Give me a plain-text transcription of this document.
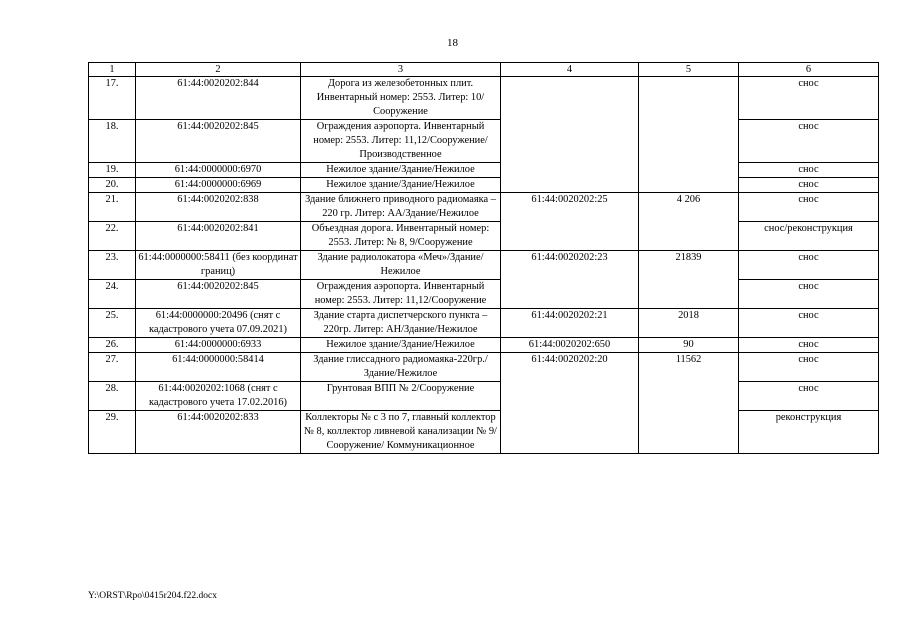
18
1	2	3	4	5	6
17.	61:44:0020202:844	Дорога из железобетонных плит. Инвентарный номер: 2553. Литер: 10/Сооружение			снос
18.	61:44:0020202:845	Ограждения аэропорта. Инвентарный номер: 2553. Литер: 11,12/Сооружение/ Производственное			снос
19.	61:44:0000000:6970	Нежилое здание/Здание/Нежилое			снос
20.	61:44:0000000:6969	Нежилое здание/Здание/Нежилое			снос
21.	61:44:0020202:838	Здание ближнего приводного радиомаяка – 220 гр. Литер: АА/Здание/Нежилое	61:44:0020202:25	4 206	снос
22.	61:44:0020202:841	Объездная дорога. Инвентарный номер: 2553. Литер: № 8, 9/Сооружение			снос/реконструкция
23.	61:44:0000000:58411 (без координат границ)	Здание радиолокатора «Меч»/Здание/Нежилое	61:44:0020202:23	21839	снос
24.	61:44:0020202:845	Ограждения аэропорта. Инвентарный номер: 2553. Литер: 11,12/Сооружение			снос
25.	61:44:0000000:20496 (снят с кадастрового учета 07.09.2021)	Здание старта диспетчерского пункта – 220гр. Литер: АН/Здание/Нежилое	61:44:0020202:21	2018	снос
26.	61:44:0000000:6933	Нежилое здание/Здание/Нежилое	61:44:0020202:650	90	снос
27.	61:44:0000000:58414	Здание глиссадного радиомаяка-220гр./Здание/Нежилое	61:44:0020202:20	11562	снос
28.	61:44:0020202:1068 (снят с кадастрового учета 17.02.2016)	Грунтовая ВПП № 2/Сооружение			снос
29.	61:44:0020202:833	Коллекторы № с 3 по 7, главный коллектор № 8, коллектор ливневой канализации № 9/Сооружение/ Коммуникационное			реконструкция
Y:\ORST\Rpo\0415r204.f22.docx
